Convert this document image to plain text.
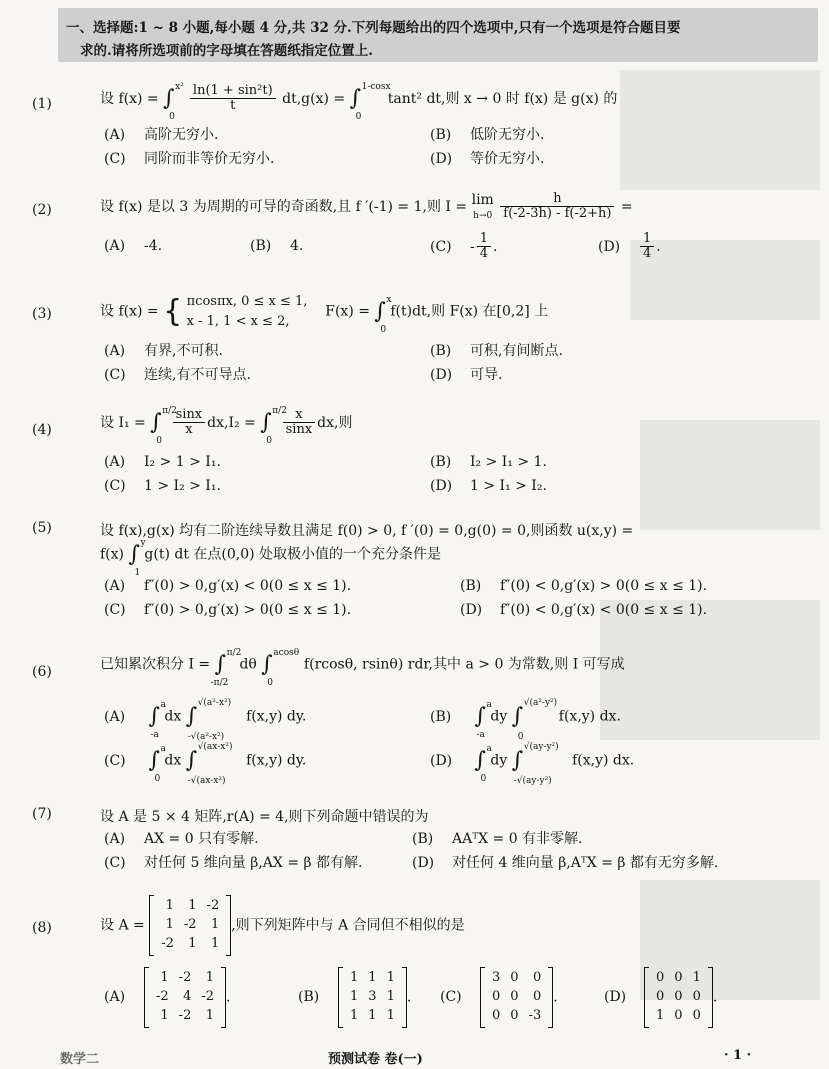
一、选择题:1 ~ 8 小题,每小题 4 分,共 32 分.下列每题给出的四个选项中,只有一个选项是符合题目要
求的.请将所选项前的字母填在答题纸指定位置上.
(1)	设 f(x) = ∫ x²
0

$\frac{\text{ln(1 + sin²t)}}{t} dt,g(x)$ = ∫ 1-cosx
0
tant² dt,则 x → 0 时 f(x) 是 g(x) 的
(A) 高阶无穷小.	(B) 低阶无穷小.
(C) 同阶而非等价无穷小.	(D) 等价无穷小.
(2)	设 f(x) 是以 3 为周期的可导的奇函数,且 f ′(-1) = 1,则 I = lim
$h\to 0 \frac{h}{f(-2-3h) - f(-2+h)}$ =
(A) -4.	(B) 4.	$(C) - \frac{1}{4}$ .	$(D) \frac{1}{4}$ .
(3)	设 f(x) = { πcosπx, 0 ≤ x ≤ 1,
x - 1, 1 < x ≤ 2,    F(x) = ∫ x
0
f(t)dt,则 F(x) 在[0,2] 上
(A) 有界,不可积.	(B) 可积,有间断点.
(C) 连续,有不可导点.	(D) 可导.
(4)	设 I₁ = ∫ π/2
0

$\frac{\sin x}{x} dx,I_2$ = ∫ π/2
0

$\frac{x}{\sin x}$ dx,则
(A) I₂ > 1 > I₁.	(B) I₂ > I₁ > 1.
(C) 1 > I₂ > I₁.	(D) 1 > I₁ > I₂.
(5)	设 f(x),g(x) 均有二阶连续导数且满足 f(0) > 0, f ′(0) = 0,g(0) = 0,则函数 u(x,y) =
f(x) ∫ y
1
g(t) dt 在点(0,0) 处取极小值的一个充分条件是
(A) f″(0) > 0,g′(x) < 0(0 ≤ x ≤ 1).	(B) f″(0) < 0,g′(x) > 0(0 ≤ x ≤ 1).
(C) f″(0) > 0,g′(x) > 0(0 ≤ x ≤ 1).	(D) f″(0) < 0,g′(x) < 0(0 ≤ x ≤ 1).
(6)	已知累次积分 I = ∫ π/2
-π/2
dθ ∫ acosθ
0
f(rcosθ, rsinθ) rdr,其中 a > 0 为常数,则 I 可写成
(A) ∫ a
-a
dx ∫
√(a²-x²)
-√(a²-x²)
f(x,y) dy.	(B) ∫ a
-a
dy ∫
√(a²-y²)
0
f(x,y) dx.
(C) ∫ a
0
dx ∫
√(ax-x²)
-√(ax-x²)
f(x,y) dy.	(D) ∫ a
0
dy ∫
√(ay-y²)
-√(ay-y²)
f(x,y) dx.
(7)	设 A 是 5 × 4 矩阵,r(A) = 4,则下列命题中错误的为
(A) AX = 0 只有零解.	(B) AAᵀX = 0 有非零解.
(C) 对任何 5 维向量 β,AX = β 都有解.	(D) 对任何 4 维向量 β,AᵀX = β 都有无穷多解.
(8)	设 A =
1	1	-2
1	-2	1
-2	1	1
,则下列矩阵中与 A 合同但不相似的是
(A)
1	-2	1
-2	4	-2
1	-2	1
.	(B)
1	1	1
1	3	1
1	1	1
. (C)
3	0	0
0	0	0
0	0	-3
.	(D)
0	0	1
0	0	0
1	0	0
.
数学二	预测试卷 卷(一)	· 1 ·
